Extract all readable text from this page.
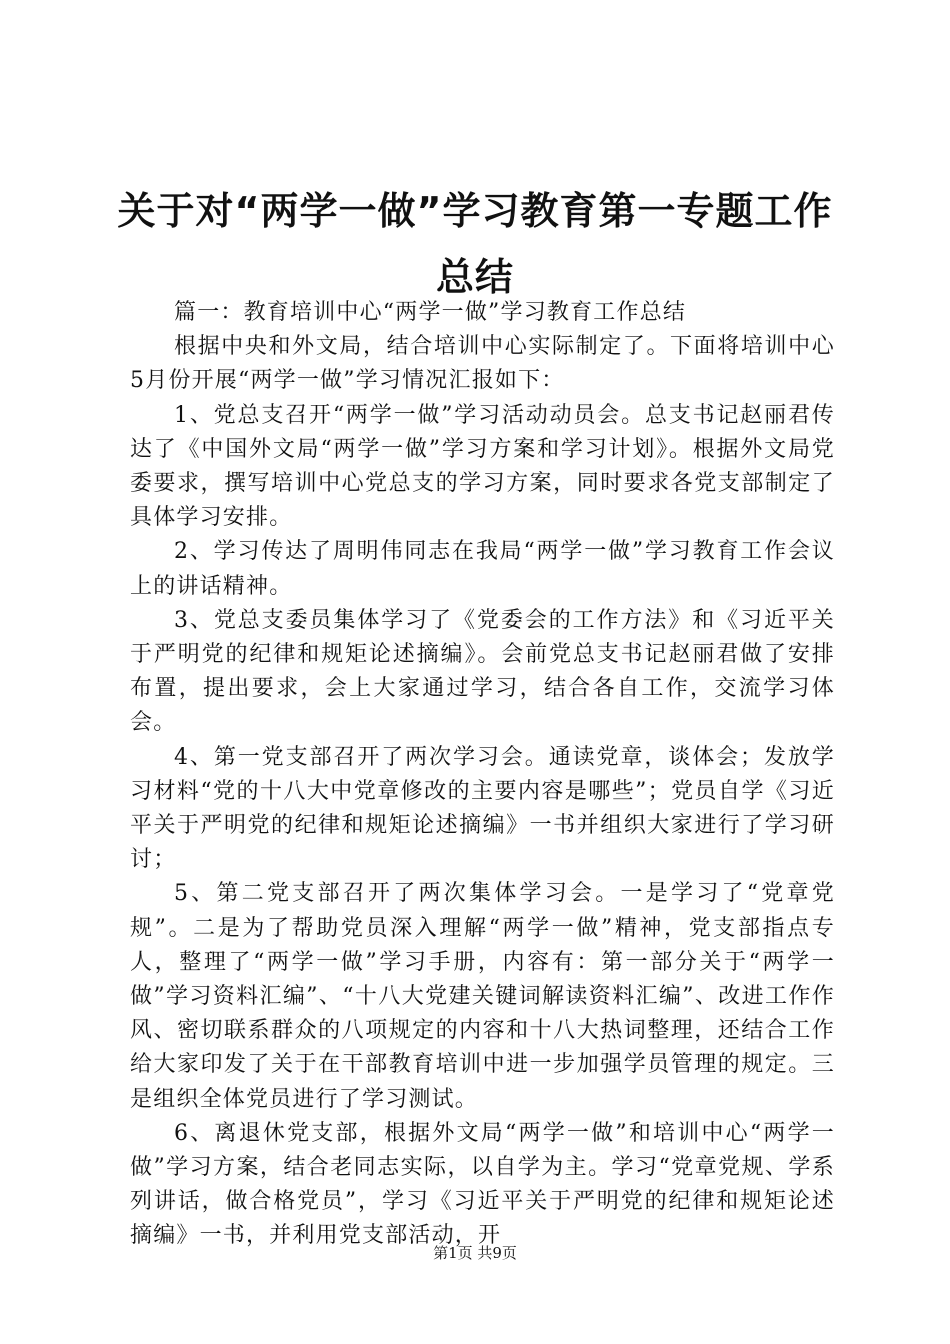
关于对“两学一做”学习教育第一专题工作总结

篇一：教育培训中心“两学一做”学习教育工作总结

根据中央和外文局，结合培训中心实际制定了。下面将培训中心5月份开展“两学一做”学习情况汇报如下：

1、党总支召开“两学一做”学习活动动员会。总支书记赵丽君传达了《中国外文局“两学一做”学习方案和学习计划》。根据外文局党委要求，撰写培训中心党总支的学习方案，同时要求各党支部制定了具体学习安排。

2、学习传达了周明伟同志在我局“两学一做”学习教育工作会议上的讲话精神。

3、党总支委员集体学习了《党委会的工作方法》和《习近平关于严明党的纪律和规矩论述摘编》。会前党总支书记赵丽君做了安排布置，提出要求，会上大家通过学习，结合各自工作，交流学习体会。

4、第一党支部召开了两次学习会。通读党章，谈体会；发放学习材料“党的十八大中党章修改的主要内容是哪些”；党员自学《习近平关于严明党的纪律和规矩论述摘编》一书并组织大家进行了学习研讨；

5、第二党支部召开了两次集体学习会。一是学习了“党章党规”。二是为了帮助党员深入理解“两学一做”精神，党支部指点专人，整理了“两学一做”学习手册，内容有：第一部分关于“两学一做”学习资料汇编”、“十八大党建关键词解读资料汇编”、改进工作作风、密切联系群众的八项规定的内容和十八大热词整理，还结合工作给大家印发了关于在干部教育培训中进一步加强学员管理的规定。三是组织全体党员进行了学习测试。

6、离退休党支部，根据外文局“两学一做”和培训中心“两学一做”学习方案，结合老同志实际，以自学为主。学习“党章党规、学系列讲话，做合格党员”，学习《习近平关于严明党的纪律和规矩论述摘编》一书，并利用党支部活动，开

第1页 共9页
